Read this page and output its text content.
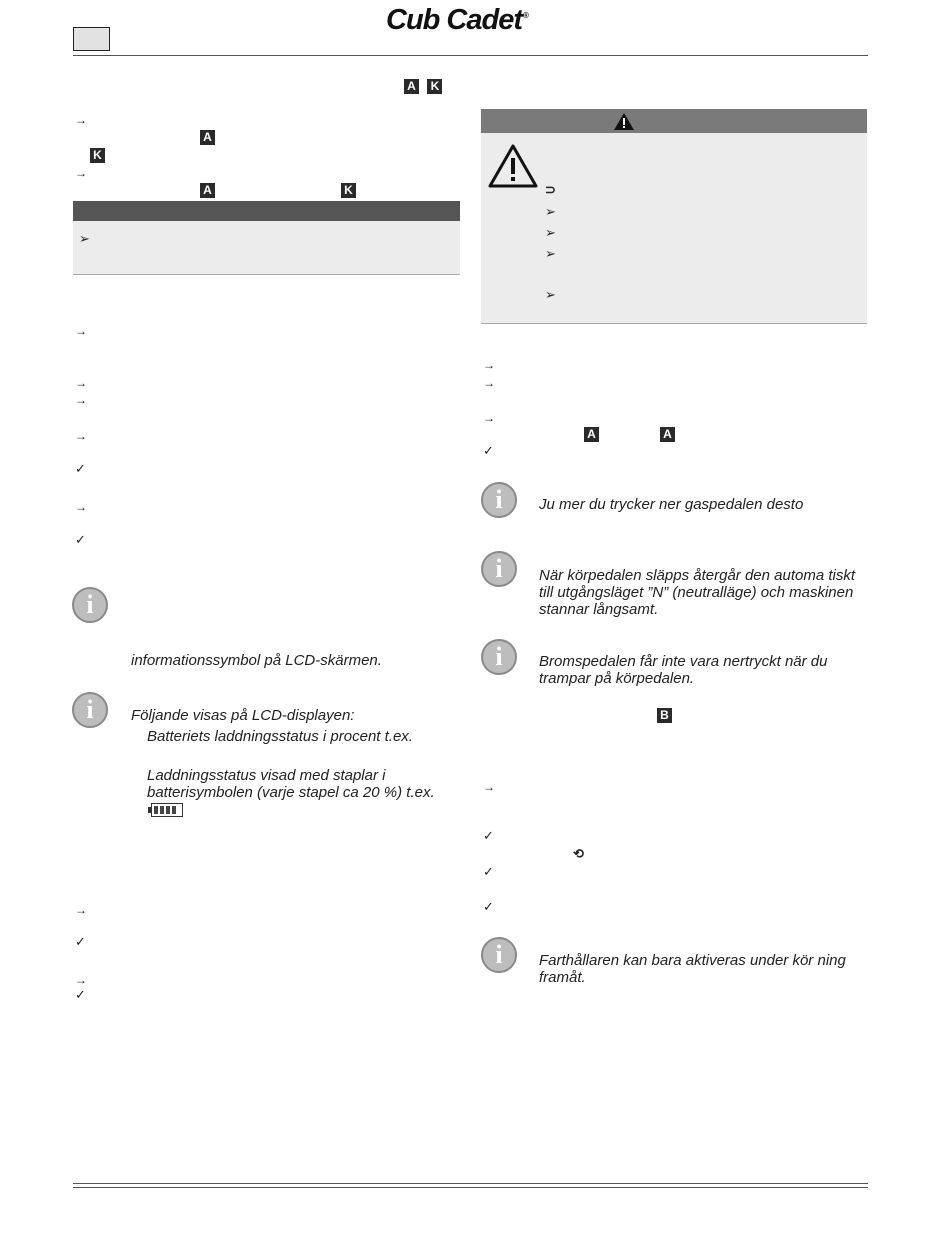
Cub Cadet®
A K
→
A
K
→
A	K
➢
→
→
→
→
✓
→
✓
i
informationssymbol på LCD-skärmen.
i Följande visas på LCD-displayen:
Batteriets laddningsstatus i procent t.ex.
Laddningsstatus visad med staplar i batterisymbolen (varje stapel ca 20 %) t.ex.
→
✓
→
✓
⊃
➢
➢
➢
➢
→
→
→
A	A
✓
i Ju mer du trycker ner gaspedalen desto
i När körpedalen släpps återgår den automa tiskt till utgångsläget ”N” (neutralläge) och maskinen stannar långsamt.
i Bromspedalen får inte vara nertryckt när du trampar på körpedalen.
B
→
✓
⟲
✓
✓
i Farthållaren kan bara aktiveras under kör ning framåt.
